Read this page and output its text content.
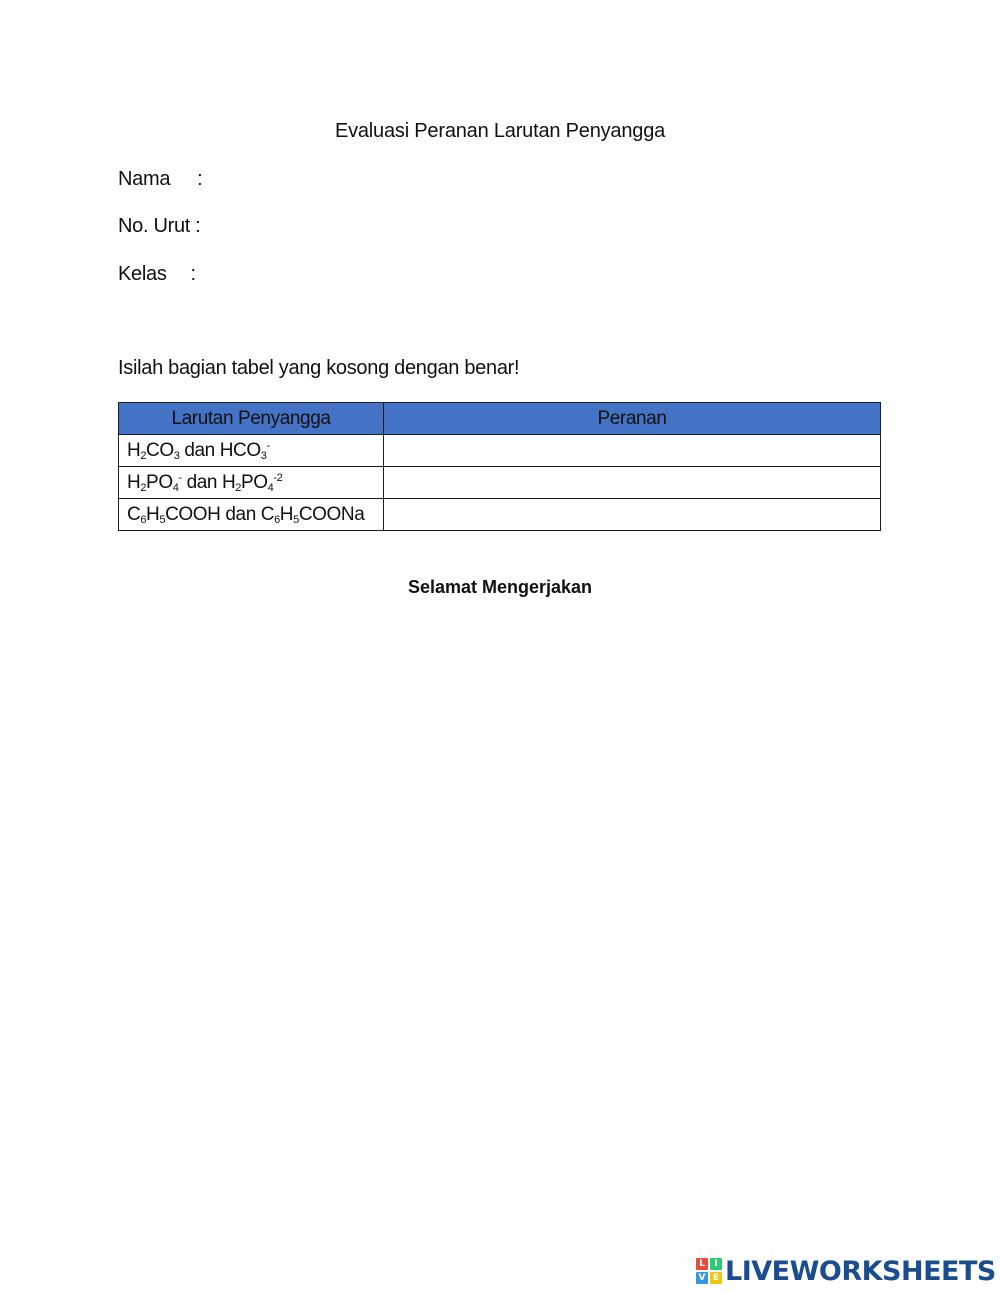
Evaluasi Peranan Larutan Penyangga
Nama :
No. Urut :
Kelas :
Isilah bagian tabel yang kosong dengan benar!
Larutan Penyangga	Peranan
$H_2CO_3$ dan $HCO_3^-$	
$H_2PO_4^-$ dan $H_2PO_4^{-2}$	
$C_6H_5COOH$ dan $C_6H_5COONa$	
Selamat Mengerjakan
L	I
V E LIVEWORKSHEETS
